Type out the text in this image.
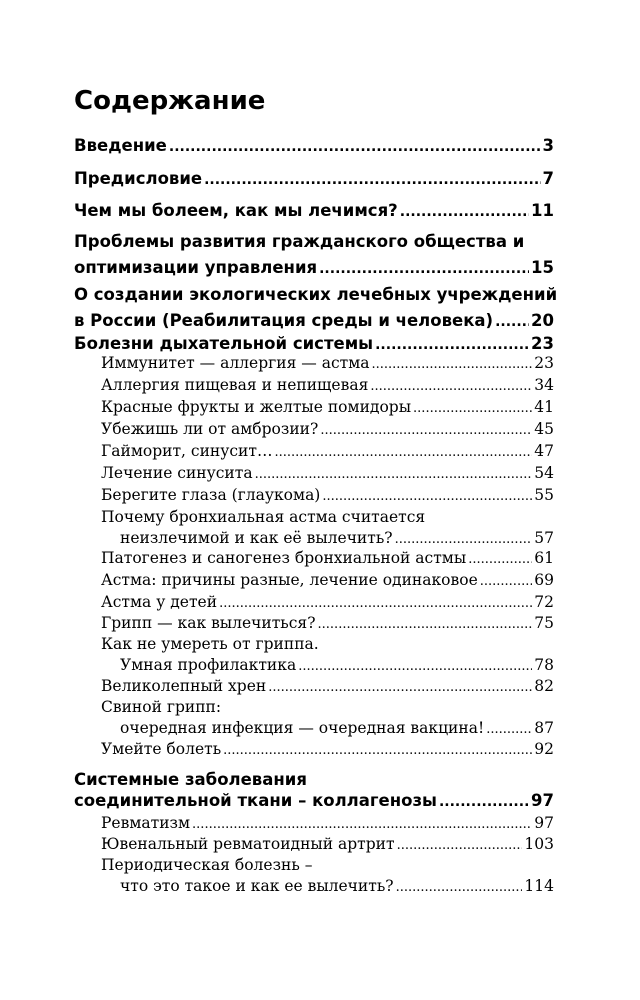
Содержание
Введение .....	3
Предисловие .....	7
Чем мы болеем, как мы лечимся? .....	11
Проблемы развития гражданского общества и
оптимизации управления .....	15
О создании экологических лечебных учреждений
в России (Реабилитация среды и человека) ..... 20
Болезни дыхательной системы .....	23
Иммунитет — аллергия — астма .....	23
Аллергия пищевая и непищевая .....	34
Красные фрукты и желтые помидоры .....	41
Убежишь ли от амброзии? .....	45
Гайморит, синусит… .....	47
Лечение синусита .....	54
Берегите глаза (глаукома) .....	55
Почему бронхиальная астма считается
неизлечимой и как её вылечить? .....	57
Патогенез и саногенез бронхиальной астмы .....	61
Астма: причины разные, лечение одинаковое .....	69
Астма у детей .....	72
Грипп — как вылечиться? .....	75
Как не умереть от гриппа.
Умная профилактика .....	78
Великолепный хрен .....	82
Свиной грипп:
очередная инфекция — очередная вакцина! .....	87
Умейте болеть .....	92
Системные заболевания
соединительной ткани – коллагенозы .....	97
Ревматизм .....	97
Ювенальный ревматоидный артрит .....	103
Периодическая болезнь –
что это такое и как ее вылечить? .....	114
